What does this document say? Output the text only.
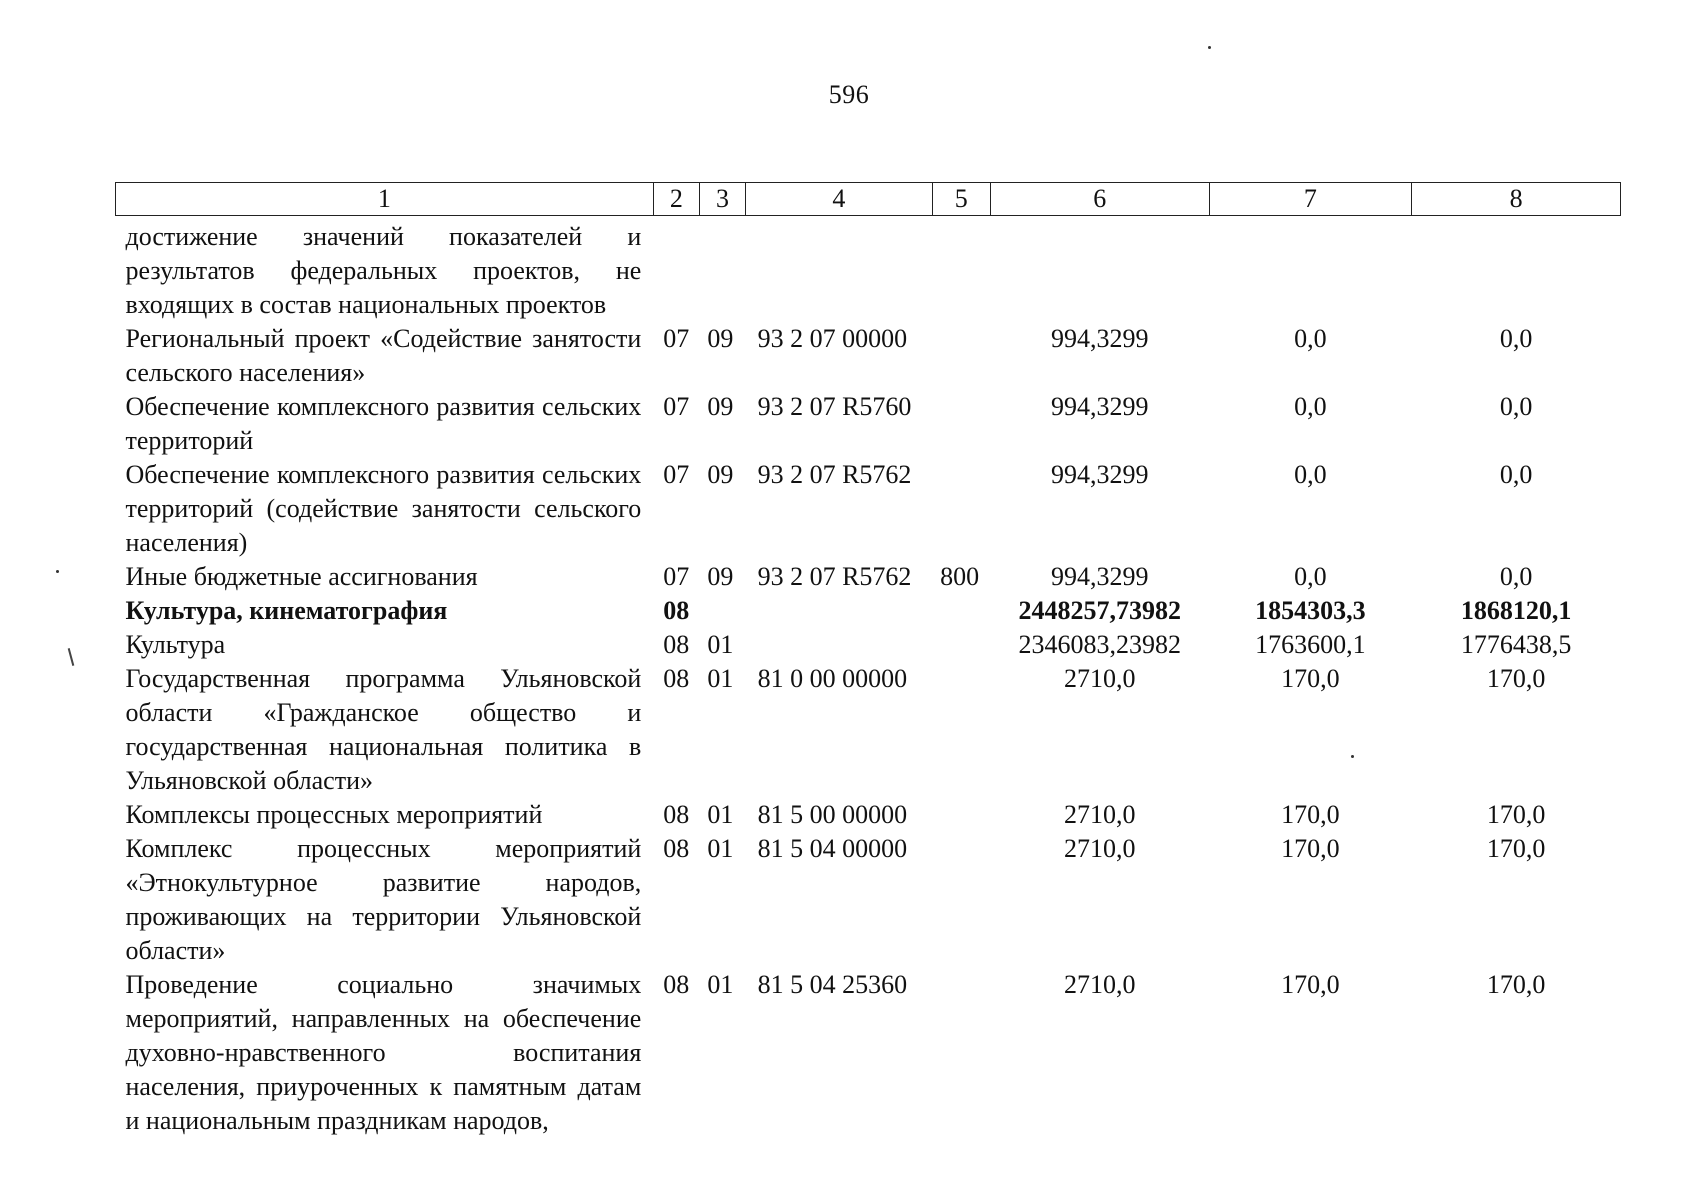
596
1	2	3	4	5	6	7	8
достижение значений показателей и результатов федеральных проектов, не входящих в состав национальных проектов							
Региональный проект «Содействие занятости сельского населения»	07	09	93 2 07 00000		994,3299	0,0	0,0
Обеспечение комплексного развития сельских территорий	07	09	93 2 07 R5760		994,3299	0,0	0,0
Обеспечение комплексного развития сельских территорий (содействие занятости сельского населения)	07	09	93 2 07 R5762		994,3299	0,0	0,0
Иные бюджетные ассигнования	07	09	93 2 07 R5762	800	994,3299	0,0	0,0
Культура, кинематография	08				2448257,73982	1854303,3	1868120,1
Культура	08	01			2346083,23982	1763600,1	1776438,5
Государственная программа Ульяновской области «Гражданское общество и государственная национальная политика в Ульяновской области»	08	01	81 0 00 00000		2710,0	170,0	170,0
Комплексы процессных мероприятий	08	01	81 5 00 00000		2710,0	170,0	170,0
Комплекс процессных мероприятий «Этнокультурное развитие народов, проживающих на территории Ульяновской области»	08	01	81 5 04 00000		2710,0	170,0	170,0
Проведение социально значимых мероприятий, направленных на обеспечение духовно-нравственного воспитания населения, приуроченных к памятным датам и национальным праздникам народов,	08	01	81 5 04 25360		2710,0	170,0	170,0
